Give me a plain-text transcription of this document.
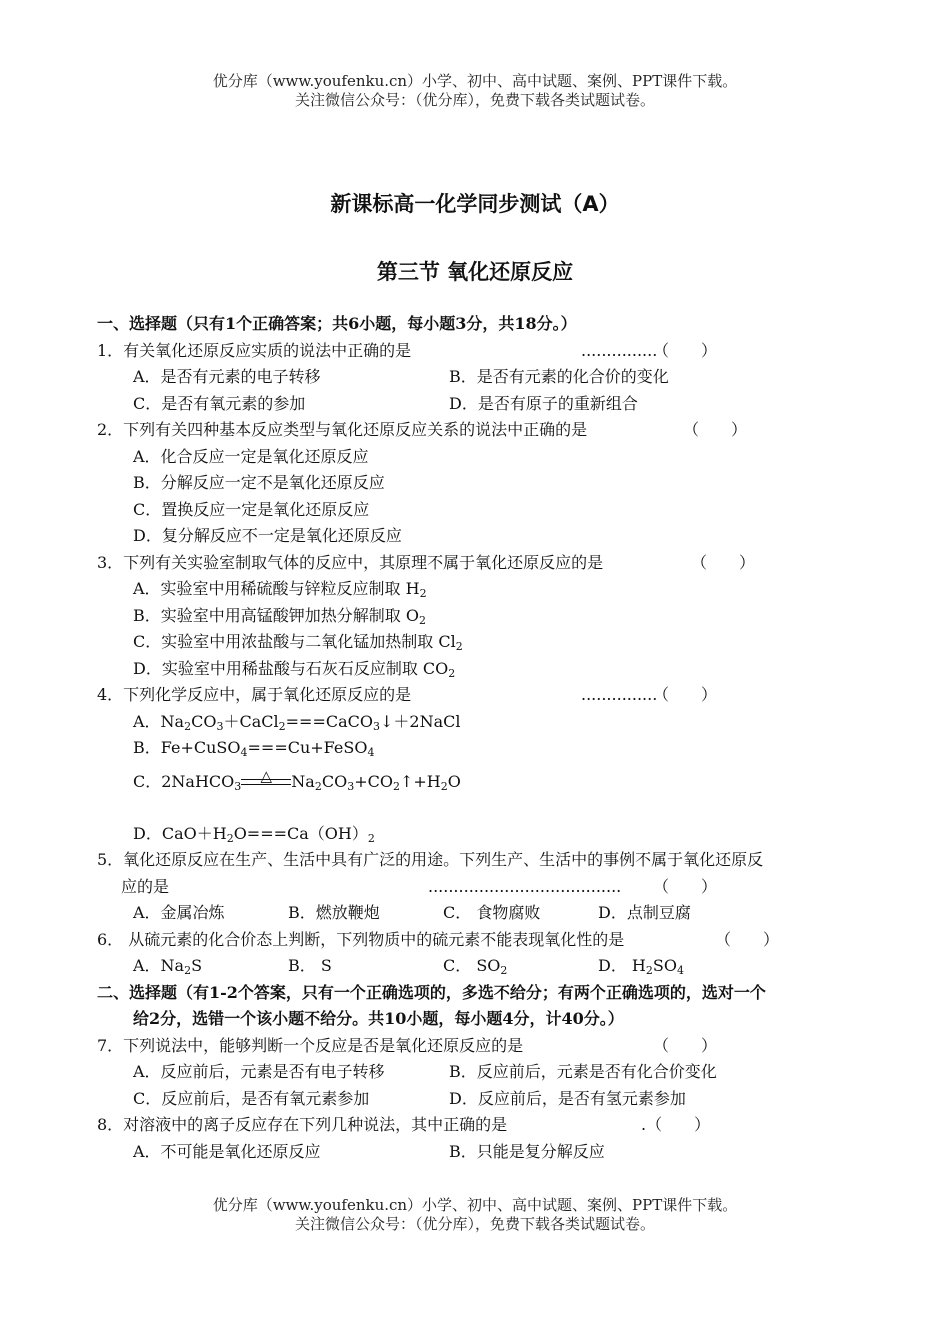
优分库（www.youfenku.cn）小学、初中、高中试题、案例、PPT课件下载。
关注微信公众号：（优分库），免费下载各类试题试卷。
新课标高一化学同步测试（A）
第三节 氧化还原反应
一、选择题（只有1个正确答案；共6小题，每小题3分，共18分。）
1．有关氧化还原反应实质的说法中正确的是	...............
（　　）
A．是否有元素的电子转移	B．是否有元素的化合价的变化
C．是否有氧元素的参加	D．是否有原子的重新组合
2．下列有关四种基本反应类型与氧化还原反应关系的说法中正确的是	（　　）
A．化合反应一定是氧化还原反应
B．分解反应一定不是氧化还原反应
C．置换反应一定是氧化还原反应
D．复分解反应不一定是氧化还原反应
3．下列有关实验室制取气体的反应中，其原理不属于氧化还原反应的是	（　　）
A．实验室中用稀硫酸与锌粒反应制取 $H_2$
B．实验室中用高锰酸钾加热分解制取 $O_2$
C．实验室中用浓盐酸与二氧化锰加热制取 $Cl_2$
D．实验室中用稀盐酸与石灰石反应制取 $CO_2$
4．下列化学反应中，属于氧化还原反应的是	...............
（　　）
A．$Na_2CO_3+CaCl_2===CaCO_3↓+2NaCl$
B．Fe+CuSO$_4$===Cu+FeSO$_4$
C．2NaHCO$_3$
△	$Na_2CO_3+CO_2↑+H_2O$
D．$CaO+H_2O===Ca(OH)_2$
5．氧化还原反应在生产、生活中具有广泛的用途。下列生产、生活中的事例不属于氧化还原反
应的是	...................................... （　　）
A．金属冶炼	B．燃放鞭炮	C． 食物腐败	D．点制豆腐
6． 从硫元素的化合价态上判断，下列物质中的硫元素不能表现氧化性的是	（　　）
A．$Na_2S$	B． S	C． $SO_2$	D． $H_2SO_4$
二、选择题（有1-2个答案，只有一个正确选项的，多选不给分；有两个正确选项的，选对一个
给2分，选错一个该小题不给分。共10小题，每小题4分，计40分。）
7．下列说法中，能够判断一个反应是否是氧化还原反应的是	（　　）
A．反应前后，元素是否有电子转移	B．反应前后，元素是否有化合价变化
C．反应前后，是否有氧元素参加	D．反应前后，是否有氢元素参加
8．对溶液中的离子反应存在下列几种说法，其中正确的是	.（　　）
A．不可能是氧化还原反应	B．只能是复分解反应
优分库（www.youfenku.cn）小学、初中、高中试题、案例、PPT课件下载。
关注微信公众号：（优分库），免费下载各类试题试卷。
